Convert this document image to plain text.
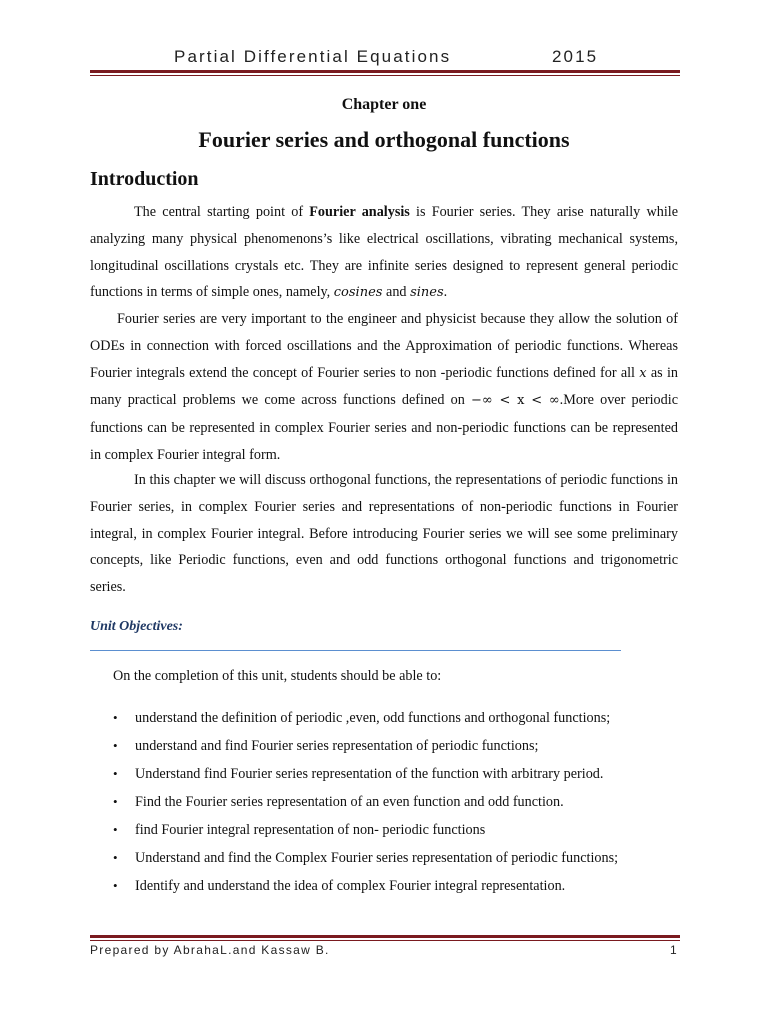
Partial Differential Equations	2015
Chapter one
Fourier series and orthogonal functions
Introduction
The central starting point of Fourier analysis is Fourier series. They arise naturally while analyzing many physical phenomenons’s like electrical oscillations, vibrating mechanical systems, longitudinal oscillations crystals etc. They are infinite series designed to represent general periodic functions in terms of simple ones, namely, cosines and sines.
Fourier series are very important to the engineer and physicist because they allow the solution of ODEs in connection with forced oscillations and the Approximation of periodic functions. Whereas Fourier integrals extend the concept of Fourier series to non -periodic functions defined for all x as in many practical problems we come across functions defined on −∞ < x < ∞.More over periodic functions can be represented in complex Fourier series and non-periodic functions can be represented in complex Fourier integral form.
In this chapter we will discuss orthogonal functions, the representations of periodic functions in Fourier series, in complex Fourier series and representations of non-periodic functions in Fourier integral, in complex Fourier integral. Before introducing Fourier series we will see some preliminary concepts, like Periodic functions, even and odd functions orthogonal functions and trigonometric series.
Unit Objectives:
On the completion of this unit, students should be able to:
• understand the definition of periodic ,even, odd functions and orthogonal functions;
• understand and find Fourier series representation of periodic functions;
• Understand find Fourier series representation of the function with arbitrary period.
• Find the Fourier series representation of an even function and odd function.
• find Fourier integral representation of non- periodic functions
• Understand and find the Complex Fourier series representation of periodic functions;
• Identify and understand the idea of complex Fourier integral representation.
Prepared by AbrahaL.and Kassaw B.	1
